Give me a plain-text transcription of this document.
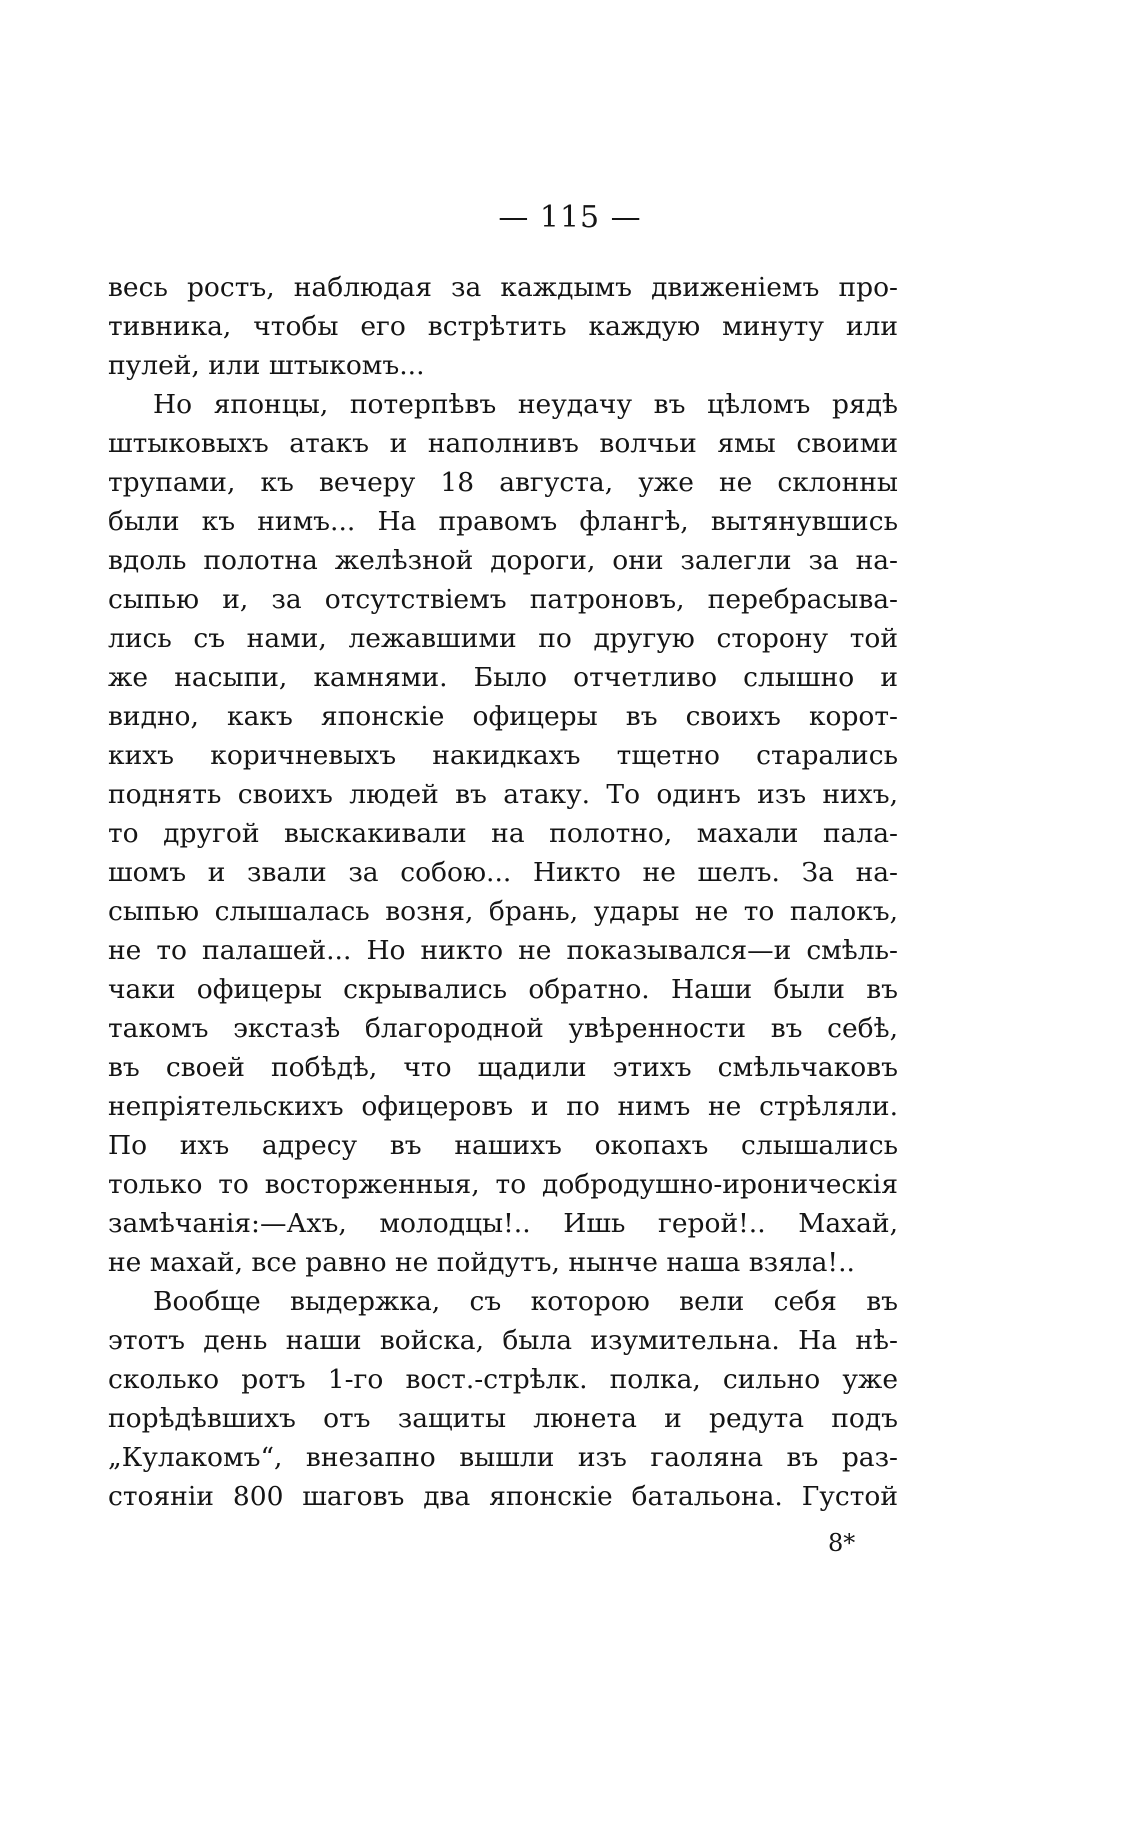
— 115 —
весь ростъ, наблюдая за каждымъ движенiемъ про-
тивника, чтобы его встрѣтить каждую минуту или
пулей, или штыкомъ...
Но японцы, потерпѣвъ неудачу въ цѣломъ рядѣ
штыковыхъ атакъ и наполнивъ волчьи ямы своими
трупами, къ вечеру 18 августа, уже не склонны
были къ нимъ... На правомъ флангѣ, вытянувшись
вдоль полотна желѣзной дороги, они залегли за на-
сыпью и, за отсутствiемъ патроновъ, перебрасыва-
лись съ нами, лежавшими по другую сторону той
же насыпи, камнями. Было отчетливо слышно и
видно, какъ японскiе офицеры въ своихъ корот-
кихъ коричневыхъ накидкахъ тщетно старались
поднять своихъ людей въ атаку. То одинъ изъ нихъ,
то другой выскакивали на полотно, махали пала-
шомъ и звали за собою... Никто не шелъ. За на-
сыпью слышалась возня, брань, удары не то палокъ,
не то палашей... Но никто не показывался—и смѣль-
чаки офицеры скрывались обратно. Наши были въ
такомъ экстазѣ благородной увѣренности въ себѣ,
въ своей побѣдѣ, что щадили этихъ смѣльчаковъ
непрiятельскихъ офицеровъ и по нимъ не стрѣляли.
По ихъ адресу въ нашихъ окопахъ слышались
только то восторженныя, то добродушно-ироническiя
замѣчанiя:—Ахъ, молодцы!.. Ишь герой!.. Махай,
не махай, все равно не пойдутъ, нынче наша взяла!..
Вообще выдержка, съ которою вели себя въ
этотъ день наши войска, была изумительна. На нѣ-
сколько ротъ 1-го вост.-стрѣлк. полка, сильно уже
порѣдѣвшихъ отъ защиты люнета и редута подъ
„Кулакомъ“, внезапно вышли изъ гаоляна въ раз-
стоянiи 800 шаговъ два японскiе батальона. Густой
8*
